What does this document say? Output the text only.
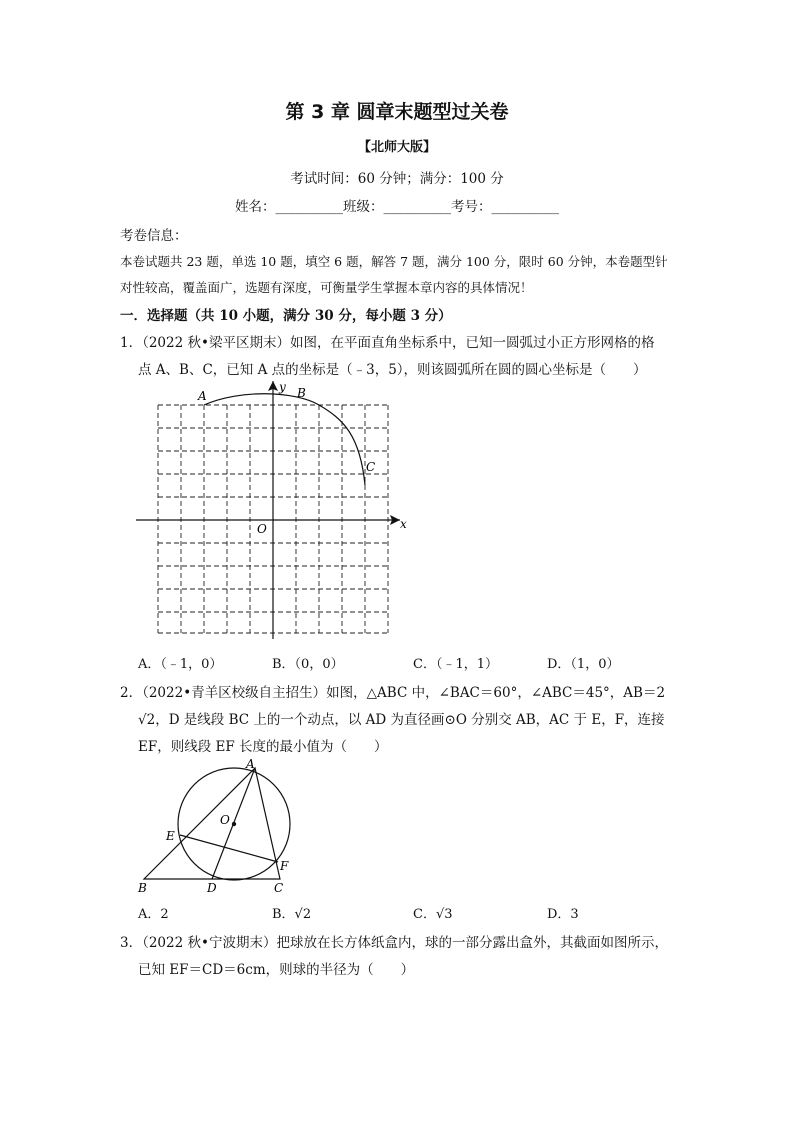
第 3 章 圆章末题型过关卷
【北师大版】
考试时间：60 分钟；满分：100 分
姓名：__________班级：__________考号：__________
考卷信息：
本卷试题共 23 题，单选 10 题，填空 6 题，解答 7 题，满分 100 分，限时 60 分钟，本卷题型针
对性较高，覆盖面广，选题有深度，可衡量学生掌握本章内容的具体情况！
一．选择题（共 10 小题，满分 30 分，每小题 3 分）
1．（2022 秋•梁平区期末）如图，在平面直角坐标系中，已知一圆弧过小正方形网格的格
点 A、B、C，已知 A 点的坐标是（﹣3，5），则该圆弧所在圆的圆心坐标是（　　）
A	B
C
O	x
y
A．（﹣1，0）	B．（0，0）	C．（﹣1，1）	D．（1，0）
2．（2022•青羊区校级自主招生）如图，△ABC 中，∠BAC＝60°，∠ABC＝45°，AB＝2
√2，D 是线段 BC 上的一个动点，以 AD 为直径画⊙O 分别交 AB，AC 于 E，F，连接
EF，则线段 EF 长度的最小值为（　　）
A
B	C
D
E
F
O
A．2	B．√2	C．√3	D．3
3．（2022 秋•宁波期末）把球放在长方体纸盒内，球的一部分露出盒外，其截面如图所示，
已知 EF＝CD＝6cm，则球的半径为（　　）
